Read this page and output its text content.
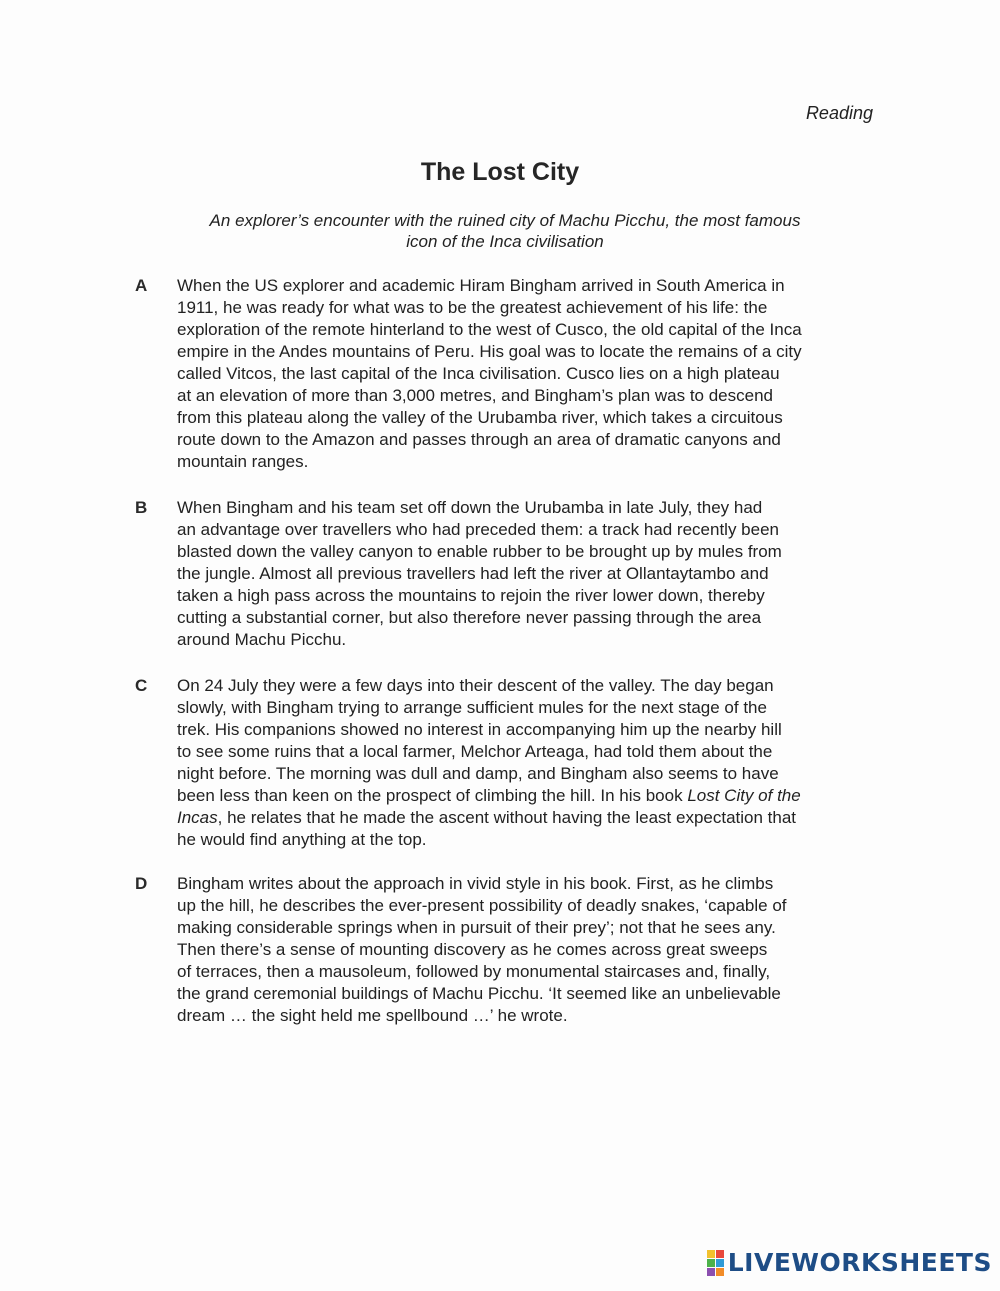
Reading
The Lost City
An explorer’s encounter with the ruined city of Machu Picchu, the most famous
icon of the Inca civilisation
A	When the US explorer and academic Hiram Bingham arrived in South America in
1911, he was ready for what was to be the greatest achievement of his life: the
exploration of the remote hinterland to the west of Cusco, the old capital of the Inca
empire in the Andes mountains of Peru. His goal was to locate the remains of a city
called Vitcos, the last capital of the Inca civilisation. Cusco lies on a high plateau
at an elevation of more than 3,000 metres, and Bingham’s plan was to descend
from this plateau along the valley of the Urubamba river, which takes a circuitous
route down to the Amazon and passes through an area of dramatic canyons and
mountain ranges.
B	When Bingham and his team set off down the Urubamba in late July, they had
an advantage over travellers who had preceded them: a track had recently been
blasted down the valley canyon to enable rubber to be brought up by mules from
the jungle. Almost all previous travellers had left the river at Ollantaytambo and
taken a high pass across the mountains to rejoin the river lower down, thereby
cutting a substantial corner, but also therefore never passing through the area
around Machu Picchu.
C	On 24 July they were a few days into their descent of the valley. The day began
slowly, with Bingham trying to arrange sufficient mules for the next stage of the
trek. His companions showed no interest in accompanying him up the nearby hill
to see some ruins that a local farmer, Melchor Arteaga, had told them about the
night before. The morning was dull and damp, and Bingham also seems to have
been less than keen on the prospect of climbing the hill. In his book Lost City of the
Incas, he relates that he made the ascent without having the least expectation that
he would find anything at the top.
D	Bingham writes about the approach in vivid style in his book. First, as he climbs
up the hill, he describes the ever-present possibility of deadly snakes, ‘capable of
making considerable springs when in pursuit of their prey’; not that he sees any.
Then there’s a sense of mounting discovery as he comes across great sweeps
of terraces, then a mausoleum, followed by monumental staircases and, finally,
the grand ceremonial buildings of Machu Picchu. ‘It seemed like an unbelievable
dream … the sight held me spellbound …’ he wrote.
LIVEWORKSHEETS
